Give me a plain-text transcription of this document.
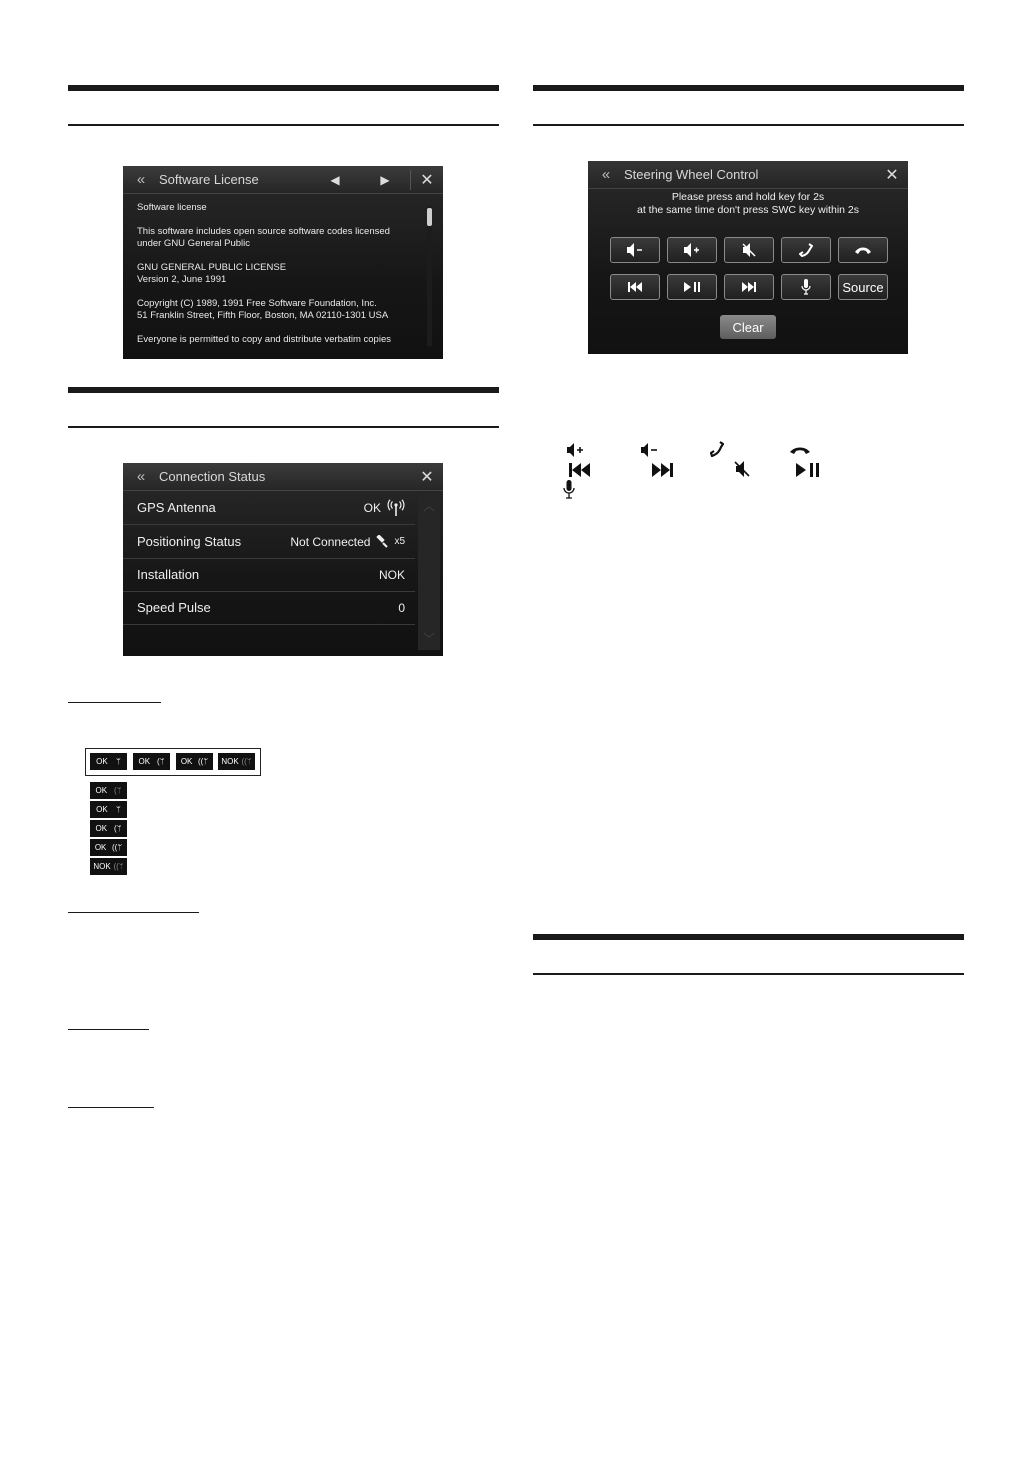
«	Software License	◀	▶	✕

Software license

This software includes open source software codes licensed
under GNU General Public

GNU GENERAL PUBLIC LICENSE
Version 2, June 1991

Copyright (C) 1989, 1991 Free Software Foundation, Inc.
51 Franklin Street, Fifth Floor, Boston, MA 02110-1301 USA

Everyone is permitted to copy and distribute verbatim copies

«	Connection Status	✕
GPS Antenna	OK
Positioning Status	Not Connected x5
Installation	NOK
Speed Pulse	0
︿
﹀
OK ᛘ OK (ᛘ OK ((ᛘ NOK ((ᛘ
OK (ᛘ
OK ᛘ
OK (ᛘ
OK ((ᛘ
NOK ((ᛘ
«	Steering Wheel Control	✕
Please press and hold key for 2s
at the same time don't press SWC key within 2s
Source
Clear
